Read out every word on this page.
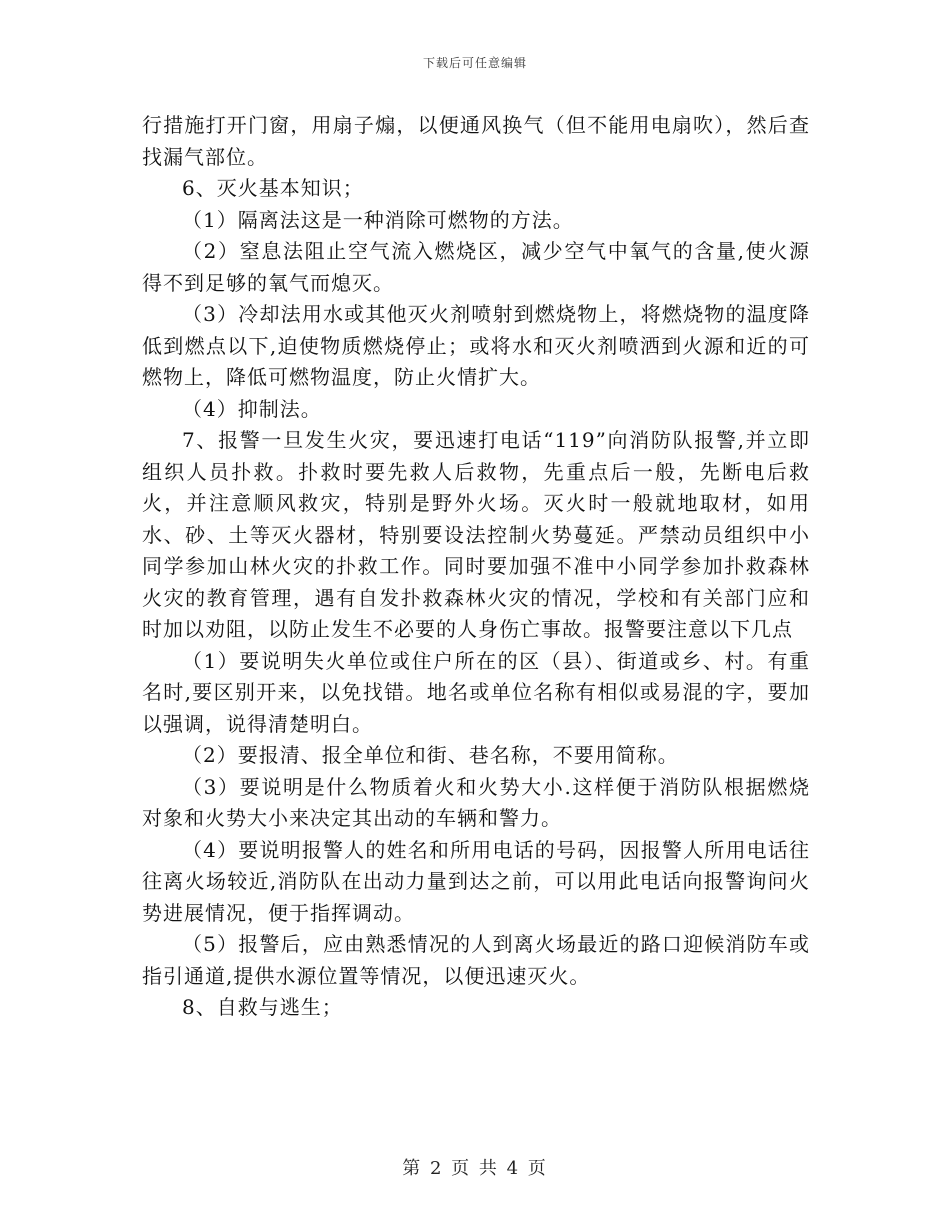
下载后可任意编辑

行措施打开门窗，用扇子煽，以便通风换气（但不能用电扇吹），然后查找漏气部位。

6、灭火基本知识；

（1）隔离法这是一种消除可燃物的方法。

（2）窒息法阻止空气流入燃烧区，减少空气中氧气的含量,使火源得不到足够的氧气而熄灭。

（3）冷却法用水或其他灭火剂喷射到燃烧物上，将燃烧物的温度降低到燃点以下,迫使物质燃烧停止；或将水和灭火剂喷洒到火源和近的可燃物上，降低可燃物温度，防止火情扩大。

（4）抑制法。

7、报警一旦发生火灾，要迅速打电话“119”向消防队报警,并立即组织人员扑救。扑救时要先救人后救物，先重点后一般，先断电后救火，并注意顺风救灾，特别是野外火场。灭火时一般就地取材，如用水、砂、土等灭火器材，特别要设法控制火势蔓延。严禁动员组织中小同学参加山林火灾的扑救工作。同时要加强不准中小同学参加扑救森林火灾的教育管理，遇有自发扑救森林火灾的情况，学校和有关部门应和时加以劝阻，以防止发生不必要的人身伤亡事故。报警要注意以下几点

（1）要说明失火单位或住户所在的区（县）、街道或乡、村。有重名时,要区别开来，以免找错。地名或单位名称有相似或易混的字，要加以强调，说得清楚明白。

（2）要报清、报全单位和街、巷名称，不要用简称。

（3）要说明是什么物质着火和火势大小.这样便于消防队根据燃烧对象和火势大小来决定其出动的车辆和警力。

（4）要说明报警人的姓名和所用电话的号码，因报警人所用电话往往离火场较近,消防队在出动力量到达之前，可以用此电话向报警询问火势进展情况，便于指挥调动。

（5）报警后，应由熟悉情况的人到离火场最近的路口迎候消防车或指引通道,提供水源位置等情况，以便迅速灭火。

8、自救与逃生；

第 2 页 共 4 页
